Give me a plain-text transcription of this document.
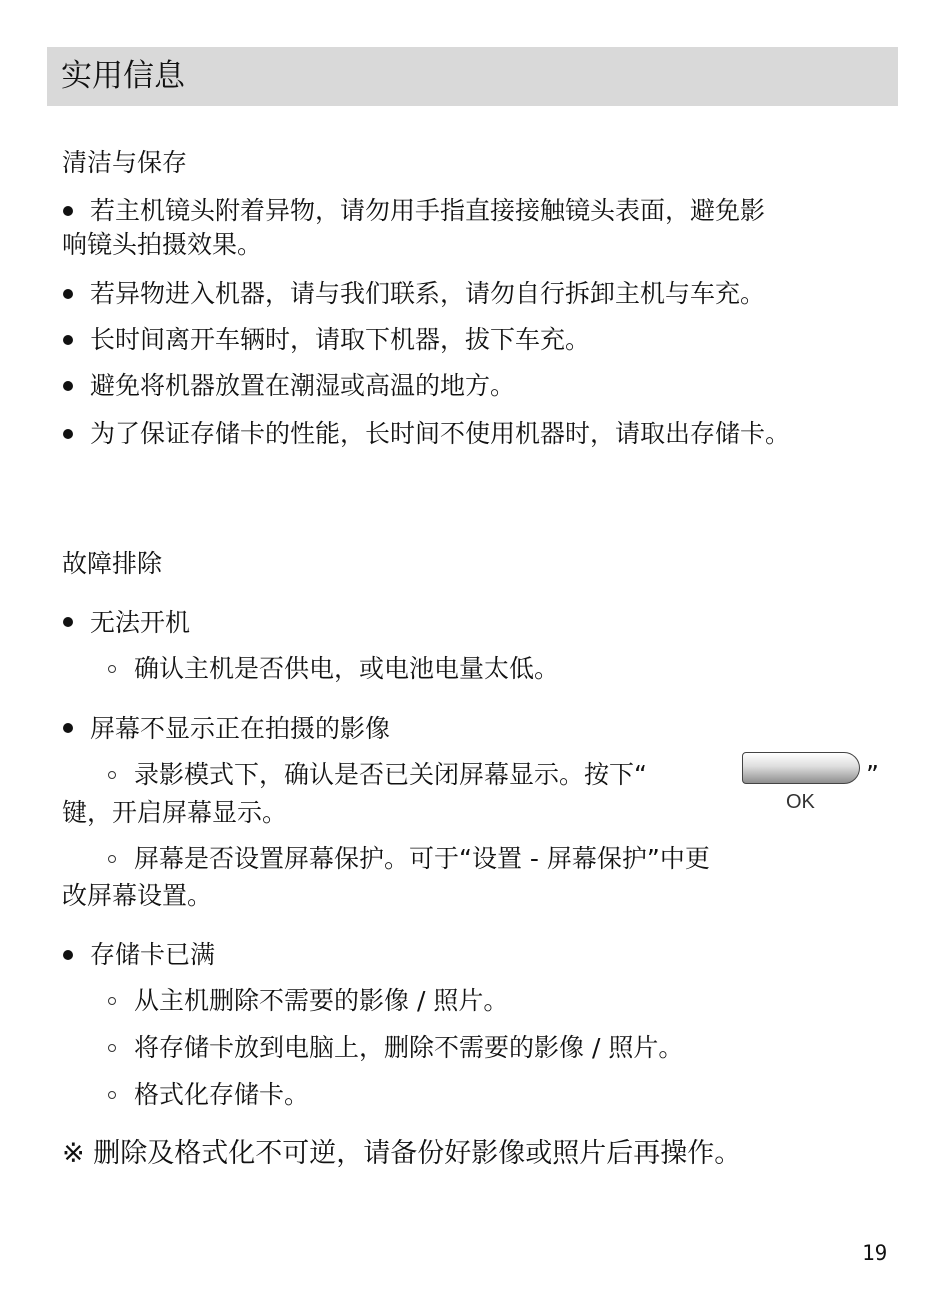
实用信息
清洁与保存
若主机镜头附着异物，请勿用手指直接接触镜头表面，避免影
响镜头拍摄效果。
若异物进入机器，请与我们联系，请勿自行拆卸主机与车充。
长时间离开车辆时，请取下机器，拔下车充。
避免将机器放置在潮湿或高温的地方。
为了保证存储卡的性能，长时间不使用机器时，请取出存储卡。
故障排除
无法开机
确认主机是否供电，或电池电量太低。
屏幕不显示正在拍摄的影像
录影模式下，确认是否已关闭屏幕显示。按下“	”
OK
键，开启屏幕显示。
屏幕是否设置屏幕保护。可于“设置 - 屏幕保护”中更
改屏幕设置。
存储卡已满
从主机删除不需要的影像 / 照片。
将存储卡放到电脑上，删除不需要的影像 / 照片。
格式化存储卡。
※ 删除及格式化不可逆，请备份好影像或照片后再操作。
19
